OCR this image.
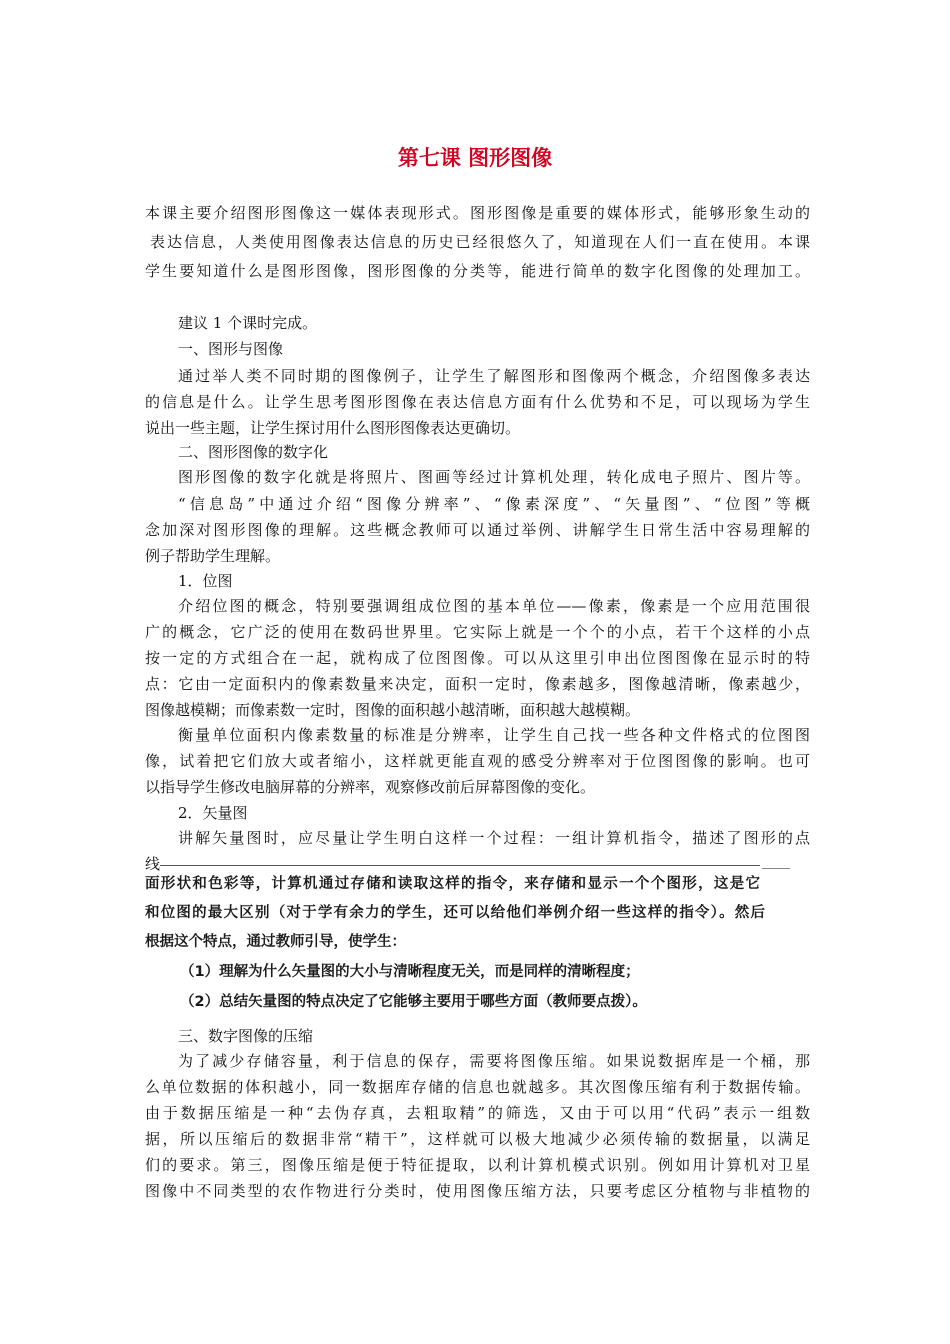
第七课 图形图像
本课主要介绍图形图像这一媒体表现形式。图形图像是重要的媒体形式，能够形象生动的
表达信息，人类使用图像表达信息的历史已经很悠久了，知道现在人们一直在使用。本课
学生要知道什么是图形图像，图形图像的分类等，能进行简单的数字化图像的处理加工。
建议 1 个课时完成。
一、图形与图像
通过举人类不同时期的图像例子，让学生了解图形和图像两个概念，介绍图像多表达
的信息是什么。让学生思考图形图像在表达信息方面有什么优势和不足，可以现场为学生
说出一些主题，让学生探讨用什么图形图像表达更确切。
二、图形图像的数字化
图形图像的数字化就是将照片、图画等经过计算机处理，转化成电子照片、图片等。
“信息岛”中通过介绍“图像分辨率”、“像素深度”、“矢量图”、“位图”等概
念加深对图形图像的理解。这些概念教师可以通过举例、讲解学生日常生活中容易理解的
例子帮助学生理解。
1．位图
介绍位图的概念，特别要强调组成位图的基本单位——像素，像素是一个应用范围很
广的概念，它广泛的使用在数码世界里。它实际上就是一个个的小点，若干个这样的小点
按一定的方式组合在一起，就构成了位图图像。可以从这里引申出位图图像在显示时的特
点：它由一定面积内的像素数量来决定，面积一定时，像素越多，图像越清晰，像素越少，
图像越模糊；而像素数一定时，图像的面积越小越清晰，面积越大越模糊。
衡量单位面积内像素数量的标准是分辨率，让学生自己找一些各种文件格式的位图图
像，试着把它们放大或者缩小，这样就更能直观的感受分辨率对于位图图像的影响。也可
以指导学生修改电脑屏幕的分辨率，观察修改前后屏幕图像的变化。
2．矢量图
讲解矢量图时，应尽量让学生明白这样一个过程：一组计算机指令，描述了图形的点
线
面形状和色彩等，计算机通过存储和读取这样的指令，来存储和显示一个个图形，这是它
和位图的最大区别（对于学有余力的学生，还可以给他们举例介绍一些这样的指令）。然后
根据这个特点，通过教师引导，使学生：
（1）理解为什么矢量图的大小与清晰程度无关，而是同样的清晰程度；
（2）总结矢量图的特点决定了它能够主要用于哪些方面（教师要点拨）。
三、数字图像的压缩
为了减少存储容量，利于信息的保存，需要将图像压缩。如果说数据库是一个桶，那
么单位数据的体积越小，同一数据库存储的信息也就越多。其次图像压缩有利于数据传输。
由于数据压缩是一种“去伪存真，去粗取精”的筛选，又由于可以用“代码”表示一组数
据，所以压缩后的数据非常“精干”，这样就可以极大地减少必须传输的数据量，以满足
们的要求。第三，图像压缩是便于特征提取，以利计算机模式识别。例如用计算机对卫星
图像中不同类型的农作物进行分类时，使用图像压缩方法，只要考虑区分植物与非植物的
